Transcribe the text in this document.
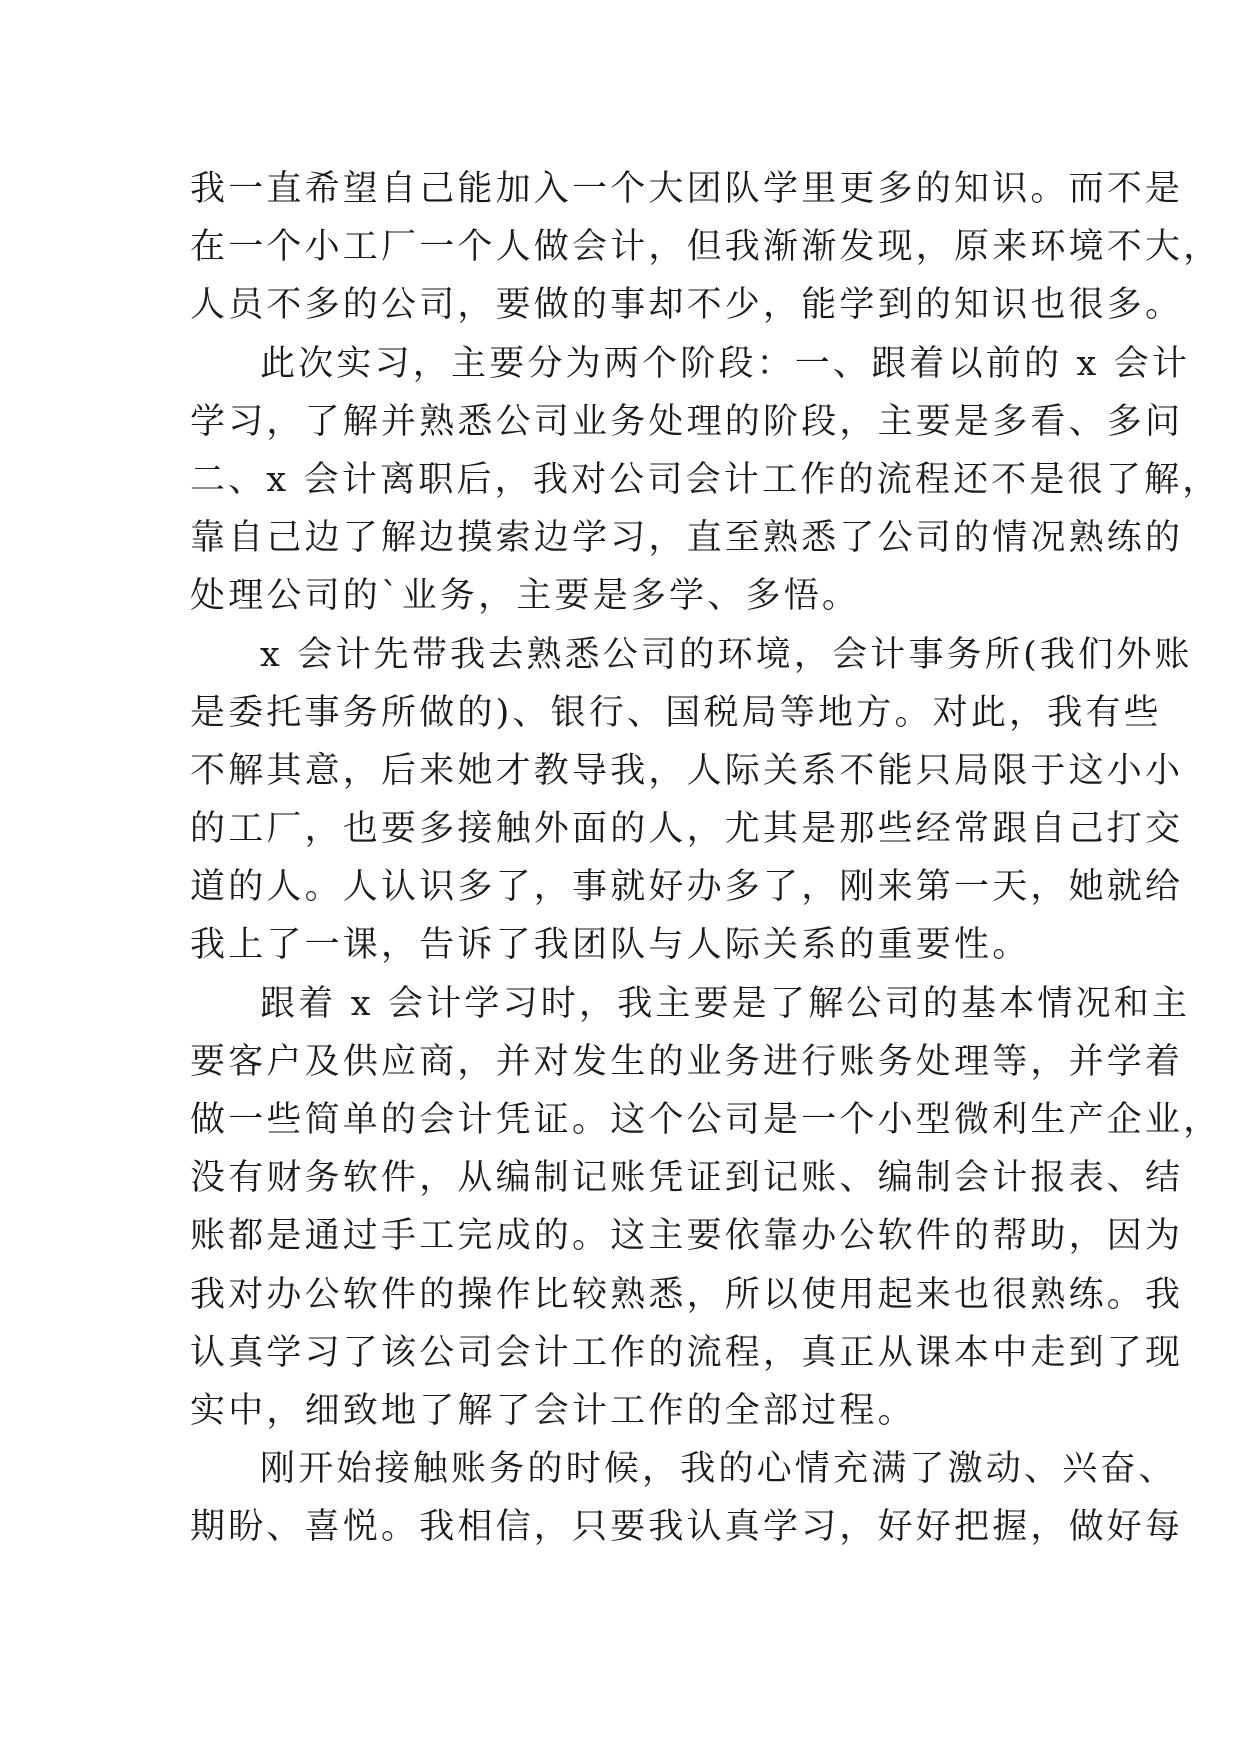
我一直希望自己能加入一个大团队学里更多的知识。而不是
在一个小工厂一个人做会计，但我渐渐发现，原来环境不大，
人员不多的公司，要做的事却不少，能学到的知识也很多。
此次实习，主要分为两个阶段：一、跟着以前的 x 会计
学习，了解并熟悉公司业务处理的阶段，主要是多看、多问
二、x 会计离职后，我对公司会计工作的流程还不是很了解，
靠自己边了解边摸索边学习，直至熟悉了公司的情况熟练的
处理公司的`业务，主要是多学、多悟。
x 会计先带我去熟悉公司的环境，会计事务所(我们外账
是委托事务所做的)、银行、国税局等地方。对此，我有些
不解其意，后来她才教导我，人际关系不能只局限于这小小
的工厂，也要多接触外面的人，尤其是那些经常跟自己打交
道的人。人认识多了，事就好办多了，刚来第一天，她就给
我上了一课，告诉了我团队与人际关系的重要性。
跟着 x 会计学习时，我主要是了解公司的基本情况和主
要客户及供应商，并对发生的业务进行账务处理等，并学着
做一些简单的会计凭证。这个公司是一个小型微利生产企业，
没有财务软件，从编制记账凭证到记账、编制会计报表、结
账都是通过手工完成的。这主要依靠办公软件的帮助，因为
我对办公软件的操作比较熟悉，所以使用起来也很熟练。我
认真学习了该公司会计工作的流程，真正从课本中走到了现
实中，细致地了解了会计工作的全部过程。
刚开始接触账务的时候，我的心情充满了激动、兴奋、
期盼、喜悦。我相信，只要我认真学习，好好把握，做好每
